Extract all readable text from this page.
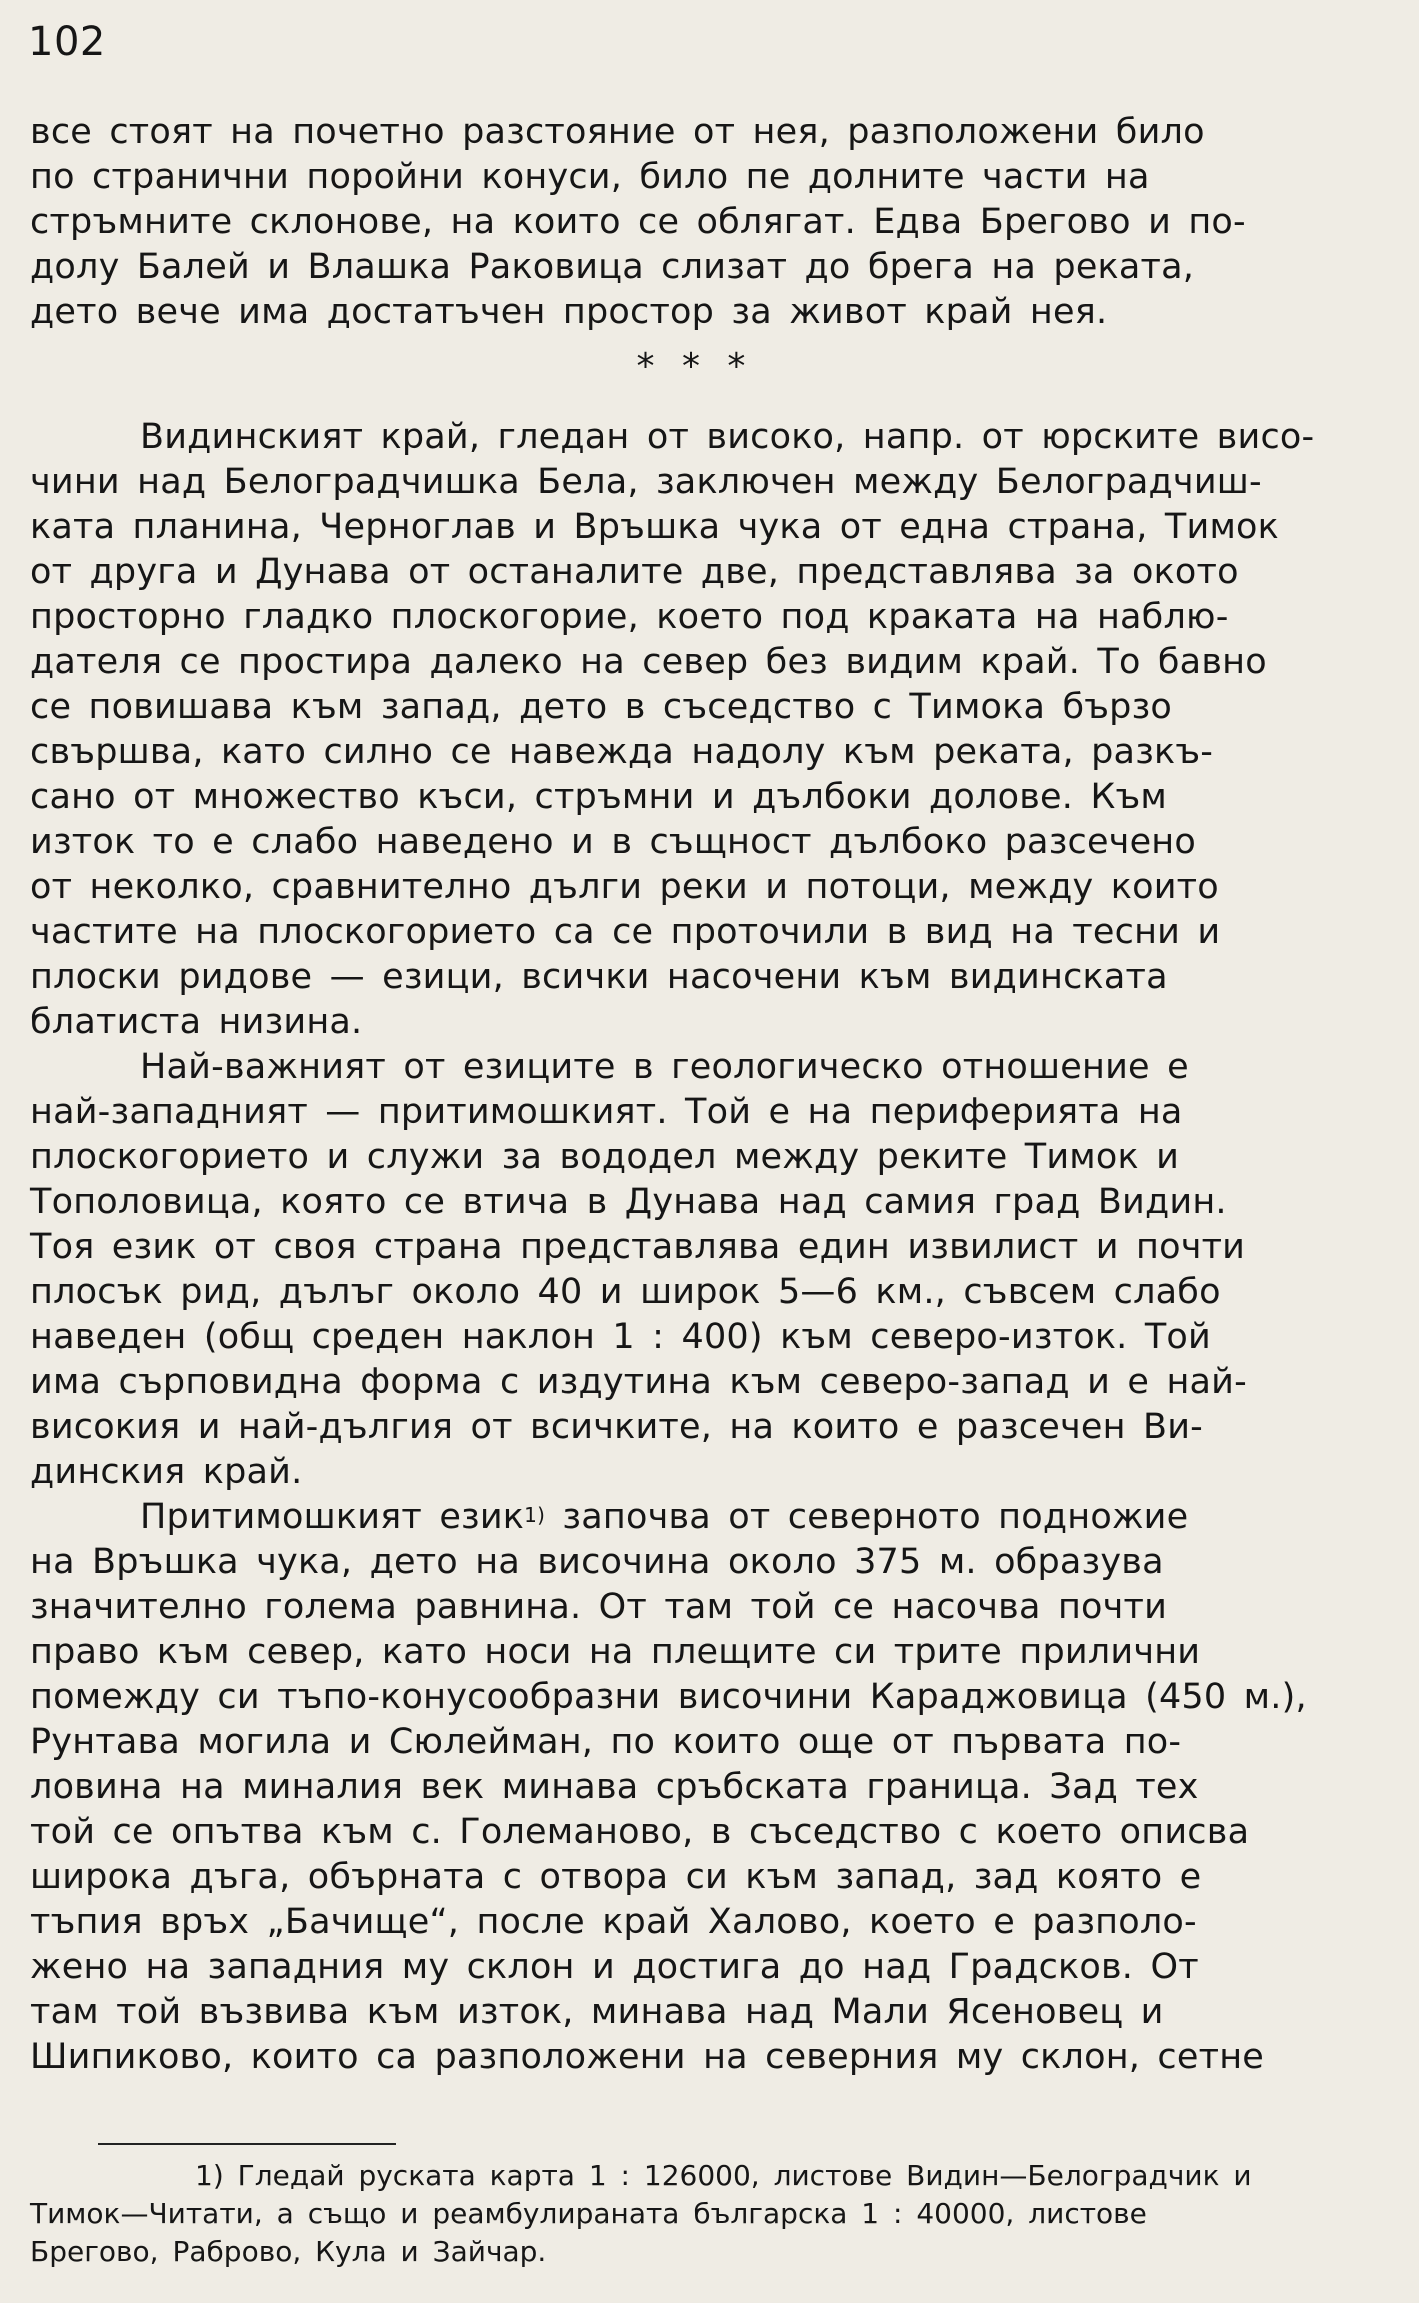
102
все стоят на почетно разстояние от нея, разположени било
по странични поройни конуси, било пе долните части на
стръмните склонове, на които се облягат. Едва Брегово и по-
долу Балей и Влашка Раковица слизат до брега на реката,
дето вече има достатъчен простор за живот край нея.
* * *
Видинският край, гледан от високо, напр. от юрските висо-
чини над Белоградчишка Бела, заключен между Белоградчиш-
ката планина, Черноглав и Връшка чука от една страна, Тимок
от друга и Дунава от останалите две, представлява за окото
просторно гладко плоскогорие, което под краката на наблю-
дателя се простира далеко на север без видим край. То бавно
се повишава към запад, дето в съседство с Тимока бързо
свършва, като силно се навежда надолу към реката, разкъ-
сано от множество къси, стръмни и дълбоки долове. Към
изток то е слабо наведено и в същност дълбоко разсечено
от неколко, сравнително дълги реки и потоци, между които
частите на плоскогорието са се проточили в вид на тесни и
плоски ридове — езици, всички насочени към видинската
блатиста низина.
Най-важният от езиците в геологическо отношение е
най-западният — притимошкият. Той е на периферията на
плоскогорието и служи за вододел между реките Тимок и
Тополовица, която се втича в Дунава над самия град Видин.
Тоя език от своя страна представлява един извилист и почти
плосък рид, дълъг около 40 и широк 5—6 км., съвсем слабо
наведен (общ среден наклон 1 : 400) към северо-изток. Той
има сърповидна форма с издутина към северо-запад и е най-
високия и най-дългия от всичките, на които е разсечен Ви-
динския край.
Притимошкият език$^{1)}$ започва от северното подножие
на Връшка чука, дето на височина около 375 м. образува
значително голема равнина. От там той се насочва почти
право към север, като носи на плещите си трите прилични
помежду си тъпо-конусообразни височини Караджовица (450 м.),
Рунтава могила и Сюлейман, по които още от първата по-
ловина на миналия век минава сръбската граница. Зад тех
той се опътва към с. Големаново, в съседство с което описва
широка дъга, обърната с отвора си към запад, зад която е
тъпия връх „Бачище“, после край Халово, което е разполо-
жено на западния му склон и достига до над Градсков. От
там той възвива към изток, минава над Мали Ясеновец и
Шипиково, които са разположени на северния му склон, сетне
1) Гледай руската карта 1 : 126000, листове Видин—Белоградчик и
Тимок—Читати, а също и реамбулираната българска 1 : 40000, листове
Брегово, Раброво, Кула и Зайчар.
